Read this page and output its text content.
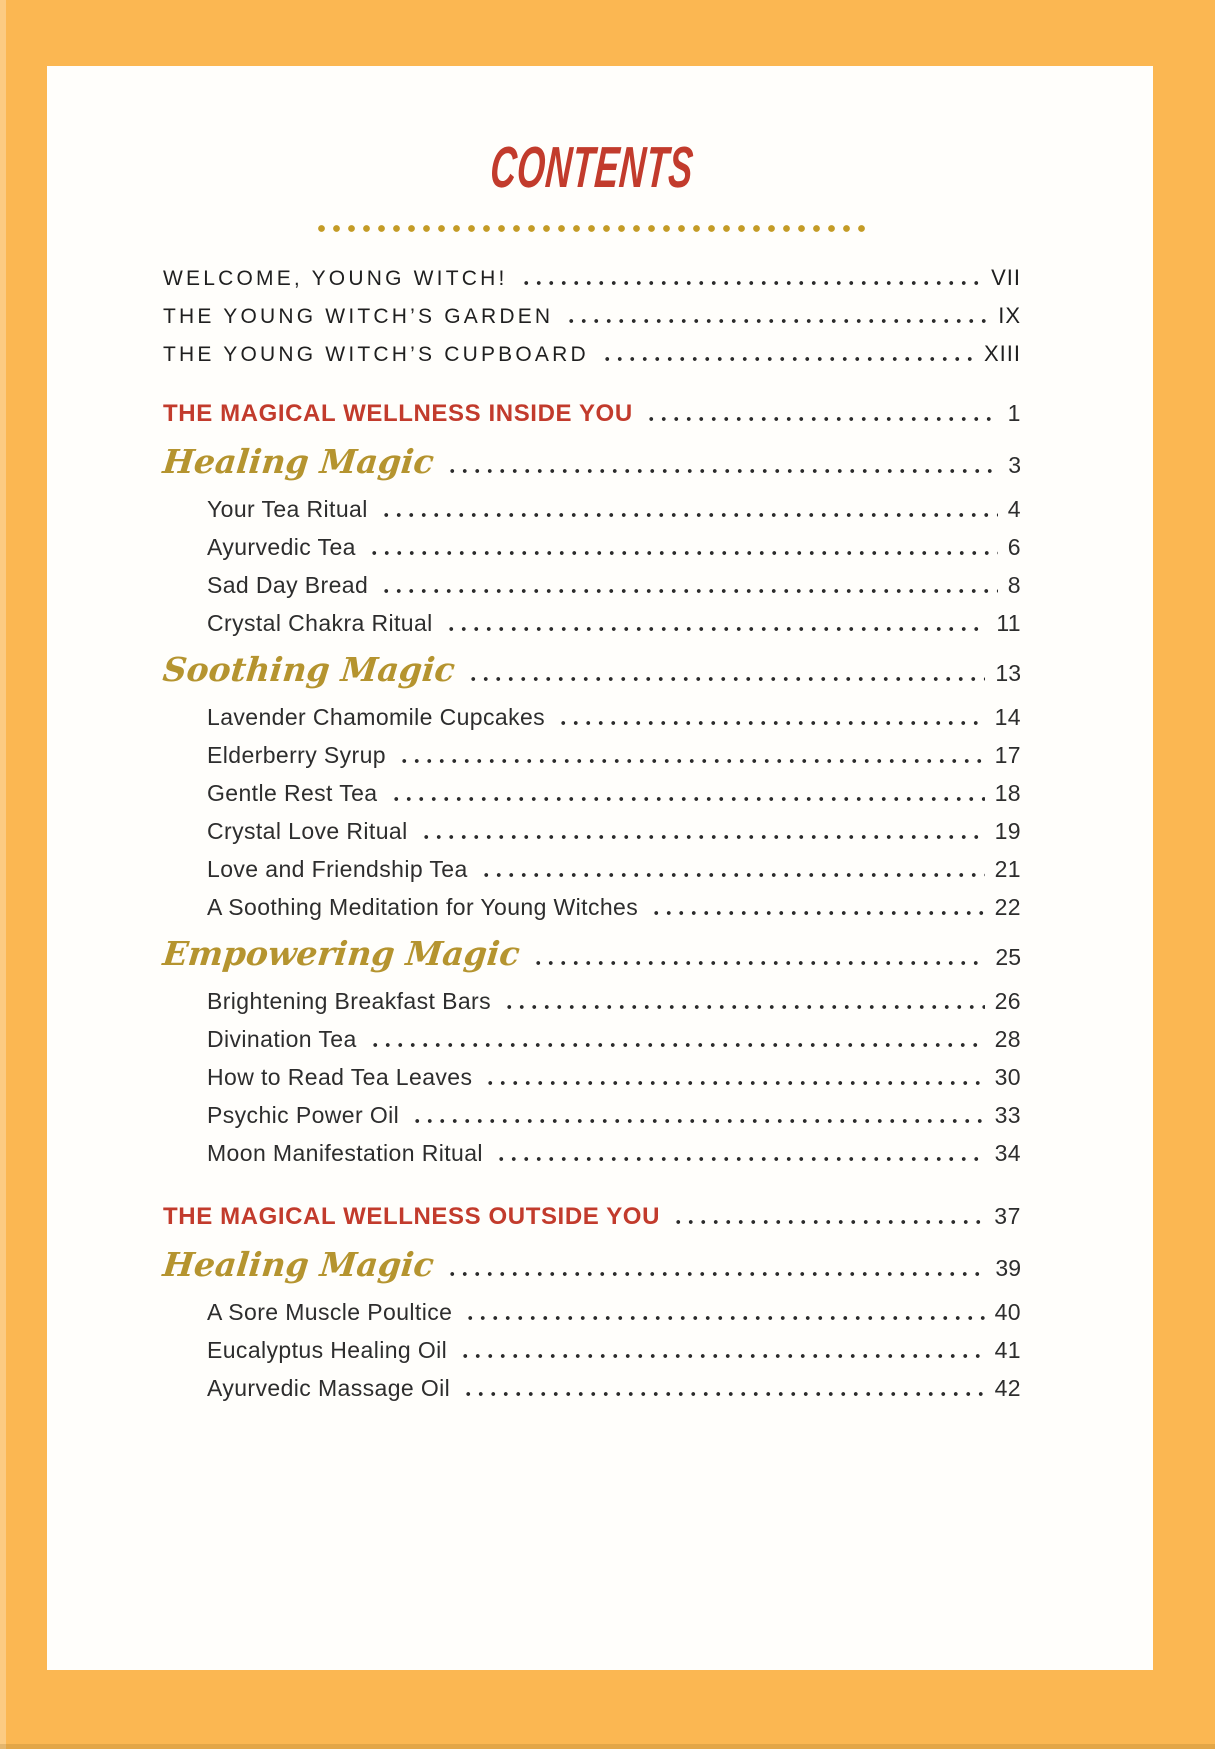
CONTENTS
WELCOME, YOUNG WITCH!	VII
THE YOUNG WITCH’S GARDEN	IX
THE YOUNG WITCH’S CUPBOARD	XIII
THE MAGICAL WELLNESS INSIDE YOU	1
Healing Magic	3
Your Tea Ritual	4
Ayurvedic Tea	6
Sad Day Bread	8
Crystal Chakra Ritual	11
Soothing Magic	13
Lavender Chamomile Cupcakes	14
Elderberry Syrup	17
Gentle Rest Tea	18
Crystal Love Ritual	19
Love and Friendship Tea	21
A Soothing Meditation for Young Witches	22
Empowering Magic	25
Brightening Breakfast Bars	26
Divination Tea	28
How to Read Tea Leaves	30
Psychic Power Oil	33
Moon Manifestation Ritual	34
THE MAGICAL WELLNESS OUTSIDE YOU	37
Healing Magic	39
A Sore Muscle Poultice	40
Eucalyptus Healing Oil	41
Ayurvedic Massage Oil	42
